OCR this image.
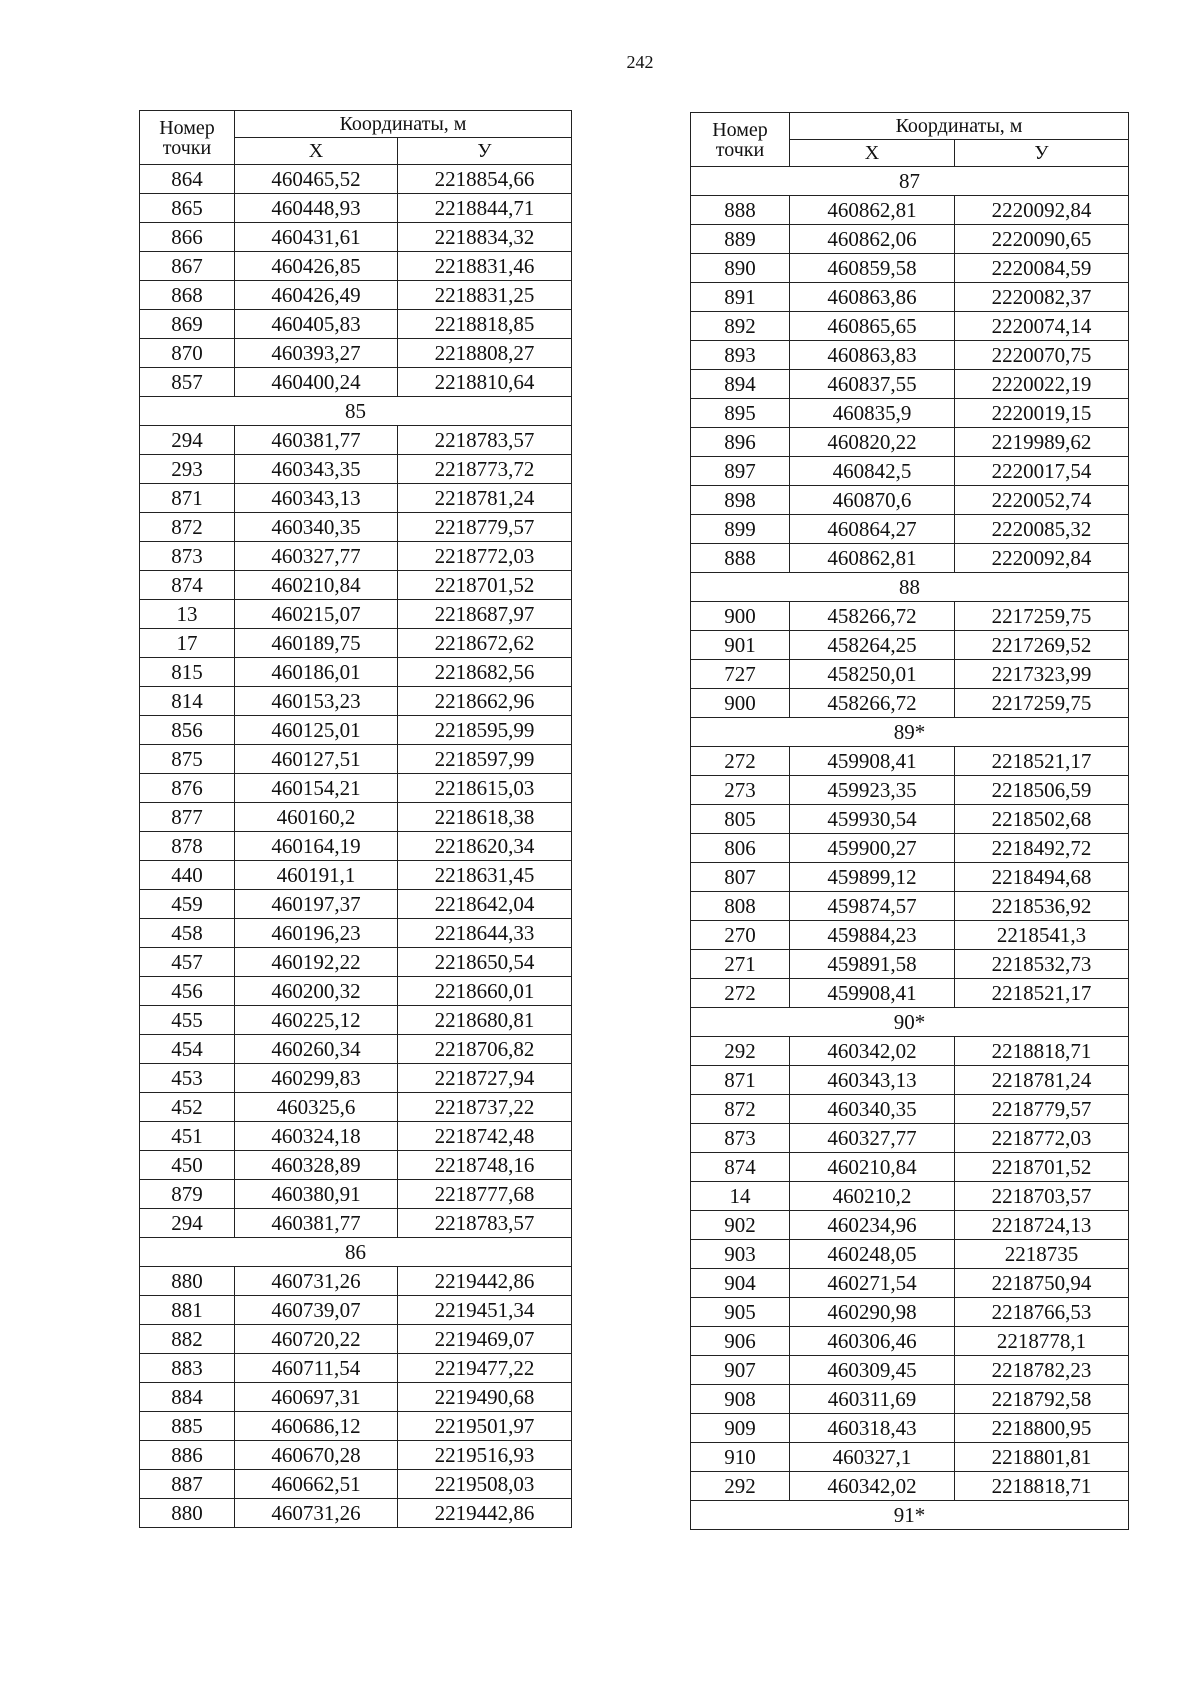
242
Номер
точки	Координаты, м	
	X	У
864	460465,52	2218854,66
865	460448,93	2218844,71
866	460431,61	2218834,32
867	460426,85	2218831,46
868	460426,49	2218831,25
869	460405,83	2218818,85
870	460393,27	2218808,27
857	460400,24	2218810,64
85		
294	460381,77	2218783,57
293	460343,35	2218773,72
871	460343,13	2218781,24
872	460340,35	2218779,57
873	460327,77	2218772,03
874	460210,84	2218701,52
13	460215,07	2218687,97
17	460189,75	2218672,62
815	460186,01	2218682,56
814	460153,23	2218662,96
856	460125,01	2218595,99
875	460127,51	2218597,99
876	460154,21	2218615,03
877	460160,2	2218618,38
878	460164,19	2218620,34
440	460191,1	2218631,45
459	460197,37	2218642,04
458	460196,23	2218644,33
457	460192,22	2218650,54
456	460200,32	2218660,01
455	460225,12	2218680,81
454	460260,34	2218706,82
453	460299,83	2218727,94
452	460325,6	2218737,22
451	460324,18	2218742,48
450	460328,89	2218748,16
879	460380,91	2218777,68
294	460381,77	2218783,57
86		
880	460731,26	2219442,86
881	460739,07	2219451,34
882	460720,22	2219469,07
883	460711,54	2219477,22
884	460697,31	2219490,68
885	460686,12	2219501,97
886	460670,28	2219516,93
887	460662,51	2219508,03
880	460731,26	2219442,86
Номер
точки	Координаты, м	
	X	У
87		
888	460862,81	2220092,84
889	460862,06	2220090,65
890	460859,58	2220084,59
891	460863,86	2220082,37
892	460865,65	2220074,14
893	460863,83	2220070,75
894	460837,55	2220022,19
895	460835,9	2220019,15
896	460820,22	2219989,62
897	460842,5	2220017,54
898	460870,6	2220052,74
899	460864,27	2220085,32
888	460862,81	2220092,84
88		
900	458266,72	2217259,75
901	458264,25	2217269,52
727	458250,01	2217323,99
900	458266,72	2217259,75
89*		
272	459908,41	2218521,17
273	459923,35	2218506,59
805	459930,54	2218502,68
806	459900,27	2218492,72
807	459899,12	2218494,68
808	459874,57	2218536,92
270	459884,23	2218541,3
271	459891,58	2218532,73
272	459908,41	2218521,17
90*		
292	460342,02	2218818,71
871	460343,13	2218781,24
872	460340,35	2218779,57
873	460327,77	2218772,03
874	460210,84	2218701,52
14	460210,2	2218703,57
902	460234,96	2218724,13
903	460248,05	2218735
904	460271,54	2218750,94
905	460290,98	2218766,53
906	460306,46	2218778,1
907	460309,45	2218782,23
908	460311,69	2218792,58
909	460318,43	2218800,95
910	460327,1	2218801,81
292	460342,02	2218818,71
91*		
